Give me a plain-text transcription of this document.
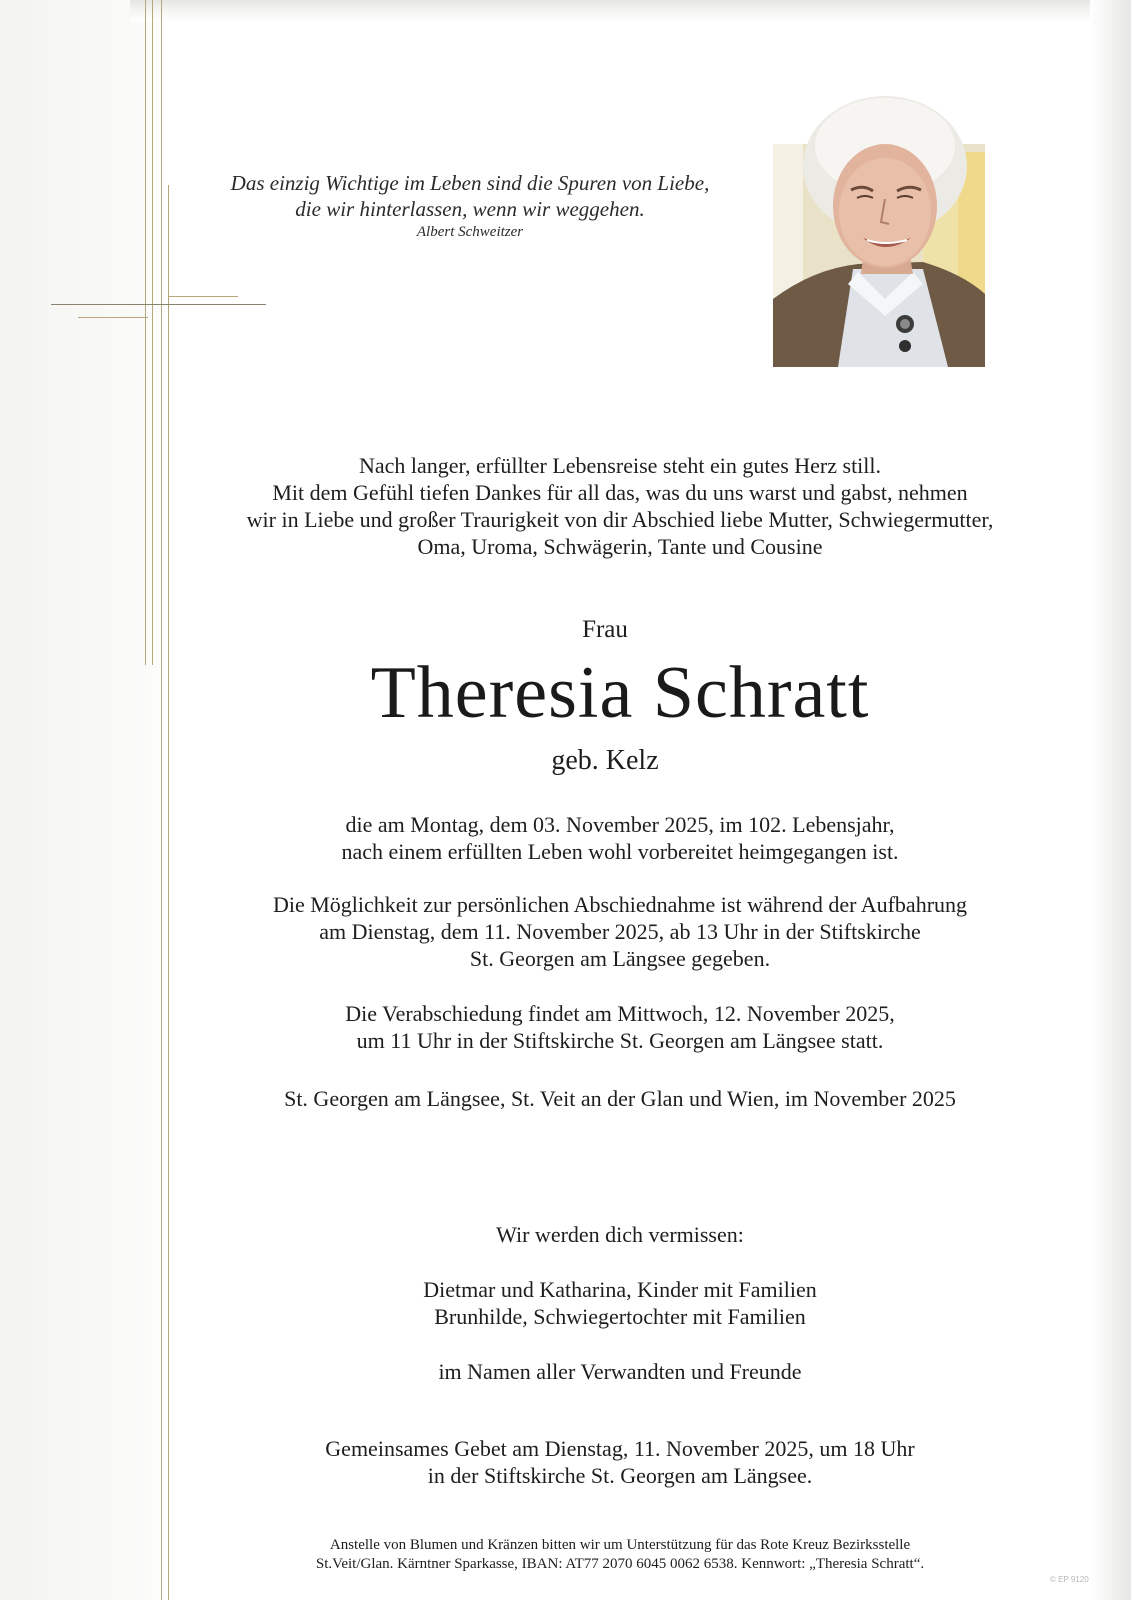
Das einzig Wichtige im Leben sind die Spuren von Liebe,
die wir hinterlassen, wenn wir weggehen.
Albert Schweitzer
Nach langer, erfüllter Lebensreise steht ein gutes Herz still.
Mit dem Gefühl tiefen Dankes für all das, was du uns warst und gabst, nehmen
wir in Liebe und großer Traurigkeit von dir Abschied liebe Mutter, Schwiegermutter,
Oma, Uroma, Schwägerin, Tante und Cousine
Frau
Theresia Schratt
geb. Kelz
die am Montag, dem 03. November 2025, im 102. Lebensjahr,
nach einem erfüllten Leben wohl vorbereitet heimgegangen ist.
Die Möglichkeit zur persönlichen Abschiednahme ist während der Aufbahrung
am Dienstag, dem 11. November 2025, ab 13 Uhr in der Stiftskirche
St. Georgen am Längsee gegeben.
Die Verabschiedung findet am Mittwoch, 12. November 2025,
um 11 Uhr in der Stiftskirche St. Georgen am Längsee statt.
St. Georgen am Längsee, St. Veit an der Glan und Wien, im November 2025
Wir werden dich vermissen:
Dietmar und Katharina, Kinder mit Familien
Brunhilde, Schwiegertochter mit Familien
im Namen aller Verwandten und Freunde
Gemeinsames Gebet am Dienstag, 11. November 2025, um 18 Uhr
in der Stiftskirche St. Georgen am Längsee.
Anstelle von Blumen und Kränzen bitten wir um Unterstützung für das Rote Kreuz Bezirksstelle
St.Veit/Glan. Kärntner Sparkasse, IBAN: AT77 2070 6045 0062 6538. Kennwort: „Theresia Schratt“.
© EP 9120
